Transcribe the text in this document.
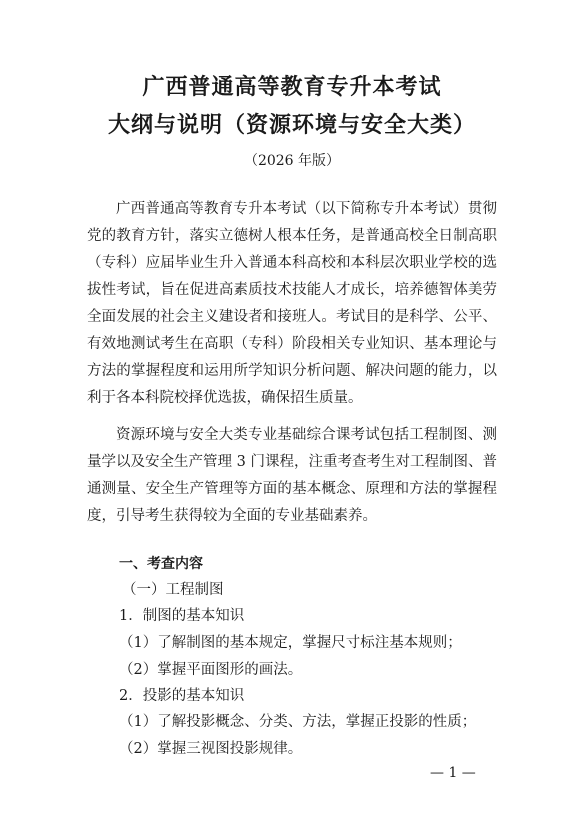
广西普通高等教育专升本考试
大纲与说明（资源环境与安全大类）
（2026 年版）

广西普通高等教育专升本考试（以下简称专升本考试）贯彻党的教育方针，落实立德树人根本任务，是普通高校全日制高职（专科）应届毕业生升入普通本科高校和本科层次职业学校的选拔性考试，旨在促进高素质技术技能人才成长，培养德智体美劳全面发展的社会主义建设者和接班人。考试目的是科学、公平、有效地测试考生在高职（专科）阶段相关专业知识、基本理论与方法的掌握程度和运用所学知识分析问题、解决问题的能力，以利于各本科院校择优选拔，确保招生质量。

资源环境与安全大类专业基础综合课考试包括工程制图、测量学以及安全生产管理 3 门课程，注重考查考生对工程制图、普通测量、安全生产管理等方面的基本概念、原理和方法的掌握程度，引导考生获得较为全面的专业基础素养。

一、考查内容
（一）工程制图
1．制图的基本知识
（1）了解制图的基本规定，掌握尺寸标注基本规则；
（2）掌握平面图形的画法。
2．投影的基本知识
（1）了解投影概念、分类、方法，掌握正投影的性质；
（2）掌握三视图投影规律。
— 1 —
